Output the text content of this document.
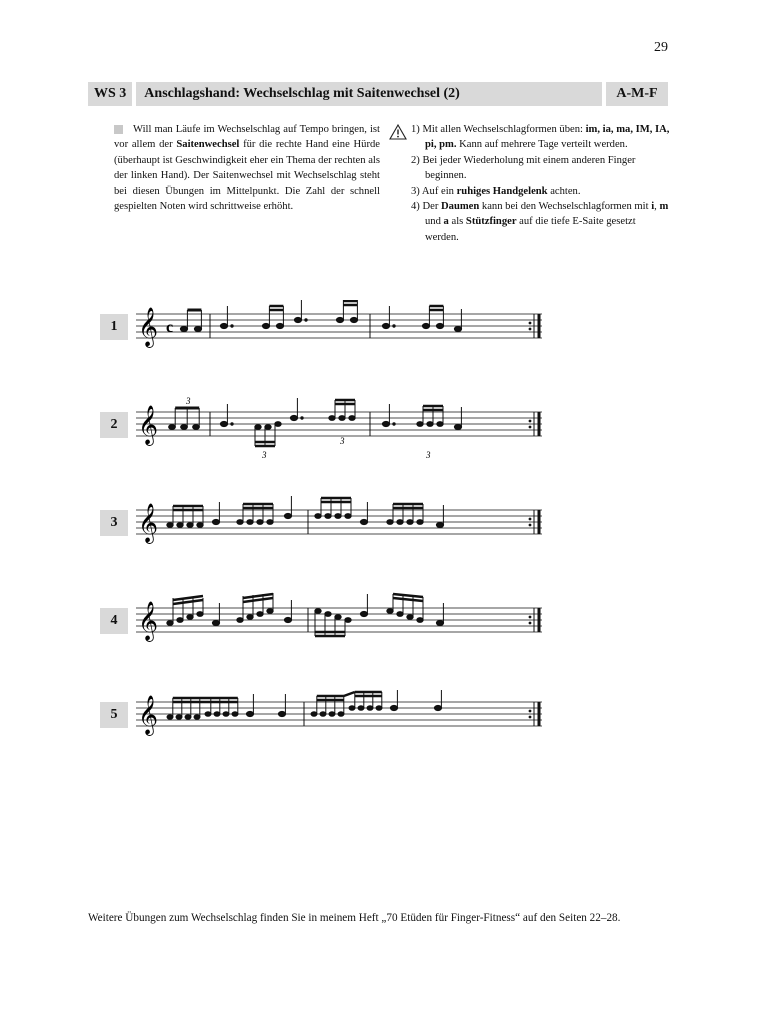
29
WS 3	Anschlagshand: Wechselschlag mit Saitenwechsel (2)	A-M-F

Will man Läufe im Wechselschlag auf Tempo bringen, ist vor allem der Saitenwechsel für die rechte Hand eine Hürde (überhaupt ist Geschwindigkeit eher ein Thema der rechten als der linken Hand). Der Saitenwechsel mit Wechselschlag steht bei diesen Übungen im Mittelpunkt. Die Zahl der schnell gespielten Noten wird schrittweise erhöht.

1) Mit allen Wechselschlagformen üben: im, ia, ma, IM, IA, pi, pm. Kann auf mehrere Tage verteilt werden.
2) Bei jeder Wiederholung mit einem anderen Finger beginnen.
3) Auf ein ruhiges Handgelenk achten.
4) Der Daumen kann bei den Wechselschlagformen mit i, m und a als Stützfinger auf die tiefe E-Saite gesetzt werden.
1 𝄞 c
2 𝄞
3
3
3
3
3 𝄞
4 𝄞
5 𝄞
Weitere Übungen zum Wechselschlag finden Sie in meinem Heft „70 Etüden für Finger-Fitness“ auf den Seiten 22–28.
